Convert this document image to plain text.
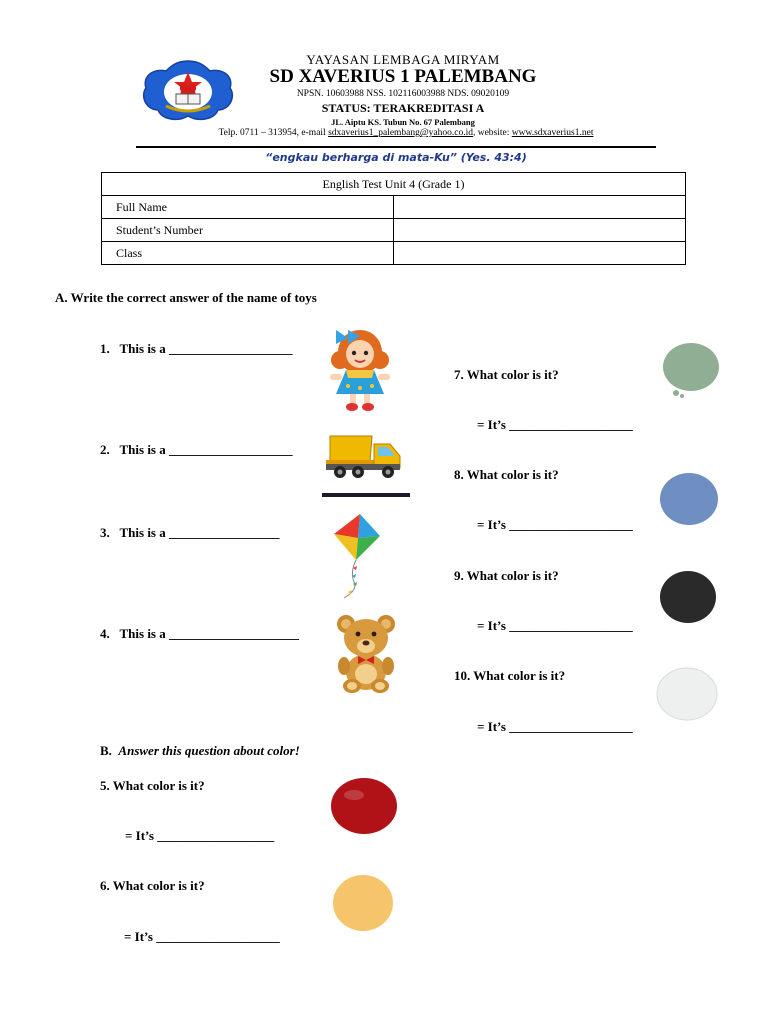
YAYASAN LEMBAGA MIRYAM
SD XAVERIUS 1 PALEMBANG
NPSN. 10603988 NSS. 102116003988 NDS. 09020109
STATUS: TERAKREDITASI A
JL. Aiptu KS. Tubun No. 67 Palembang
Telp. 0711 – 313954, e-mail sdxaverius1_palembang@yahoo.co.id, website: www.sdxaverius1.net
“engkau berharga di mata-Ku” (Yes. 43:4)
English Test Unit 4 (Grade 1)	
Full Name	
Student’s Number	
Class	
A. Write the correct answer of the name of toys
1. This is a ___________________
2. This is a ___________________
3. This is a _________________
4. This is a ____________________
B. Answer this question about color!
5. What color is it?
= It’s __________________
6. What color is it?
= It’s ___________________
7. What color is it?
= It’s ___________________
8. What color is it?
= It’s ___________________
9. What color is it?
= It’s ___________________
10. What color is it?
= It’s ___________________
